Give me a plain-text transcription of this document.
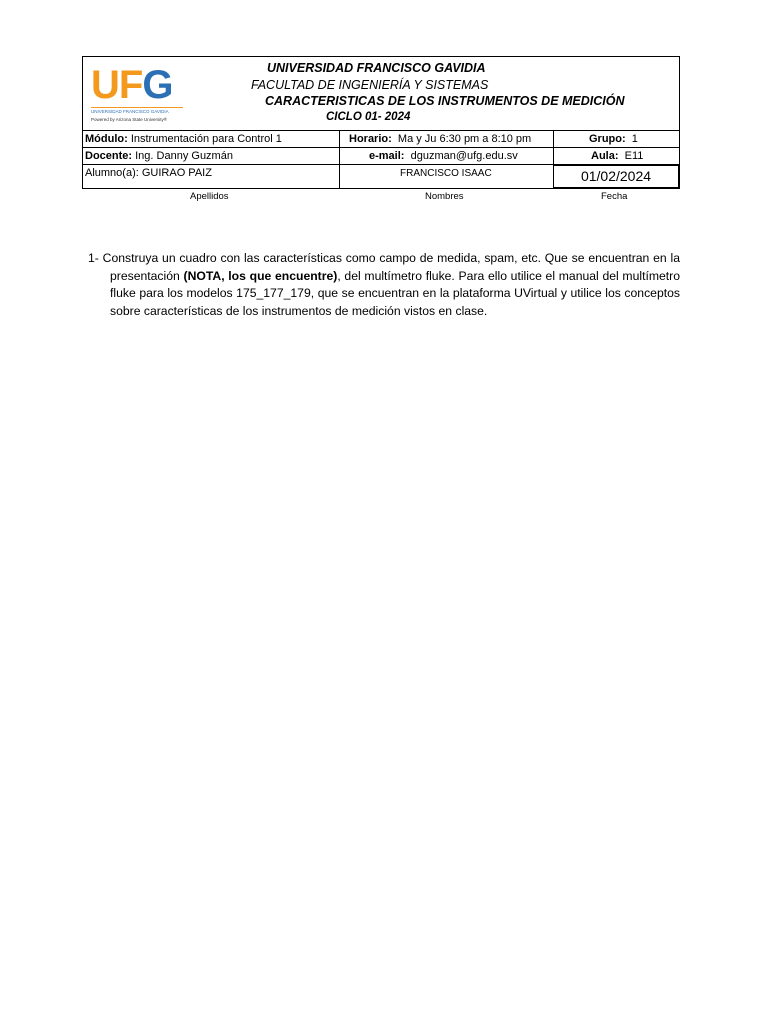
UFG
UNIVERSIDAD FRANCISCO GAVIDIA
Powered by Arizona State University®
UNIVERSIDAD FRANCISCO GAVIDIA
FACULTAD DE INGENIERÍA Y SISTEMAS
CARACTERISTICAS DE LOS INSTRUMENTOS DE MEDICIÓN
CICLO 01- 2024
Módulo: Instrumentación para Control 1	Horario: Ma y Ju 6:30 pm a 8:10 pm	Grupo: 1
Docente: Ing. Danny Guzmán	e-mail: dguzman@ufg.edu.sv	Aula: E11
Alumno(a): GUIRAO PAIZ	FRANCISCO ISAAC	01/02/2024
Apellidos	Nombres	Fecha
1- Construya un cuadro con las características como campo de medida, spam, etc. Que se encuentran en la presentación (NOTA, los que encuentre), del multímetro fluke. Para ello utilice el manual del multímetro fluke para los modelos 175_177_179, que se encuentran en la plataforma UVirtual y utilice los conceptos sobre características de los instrumentos de medición vistos en clase.
